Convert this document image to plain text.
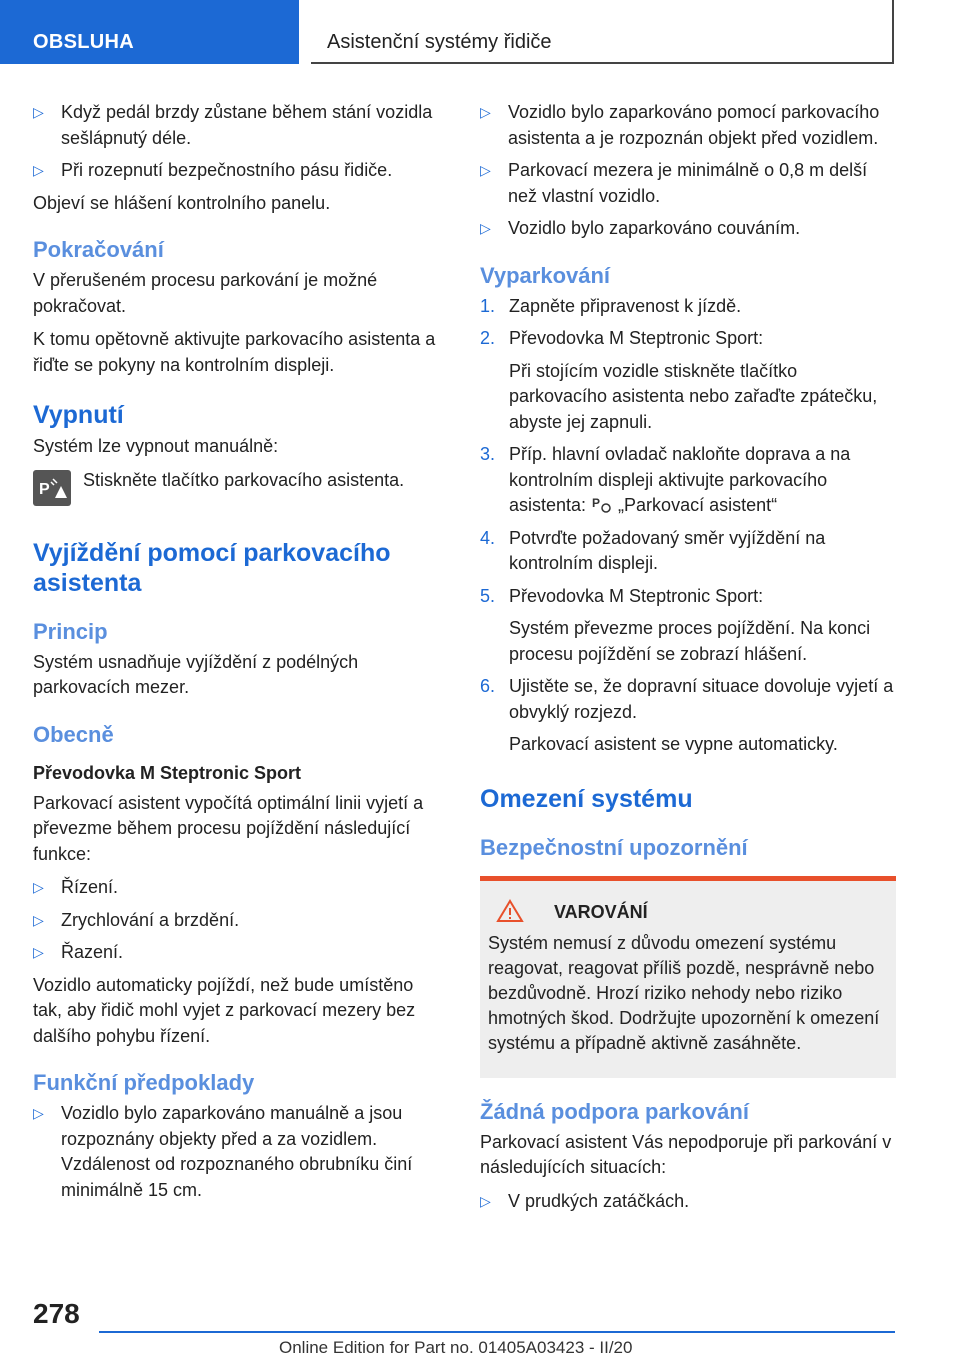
OBSLUHA	Asistenční systémy řidiče
▷ Když pedál brzdy zůstane během stání vozidla sešlápnutý déle.
▷ Při rozepnutí bezpečnostního pásu řidiče.

Objeví se hlášení kontrolního panelu.

Pokračování

V přerušeném procesu parkování je možné pokračovat.

K tomu opětovně aktivujte parkovacího asistenta a řiďte se pokyny na kontrolním displeji.

Vypnutí

Systém lze vypnout manuálně:

P Stiskněte tlačítko parkovacího asistenta.
Vyjíždění pomocí parkovacího asistenta
Princip

Systém usnadňuje vyjíždění z podélných parkovacích mezer.

Obecně
Převodovka M Steptronic Sport

Parkovací asistent vypočítá optimální linii vyjetí a převezme během procesu pojíždění následující funkce:

▷ Řízení.
▷ Zrychlování a brzdění.
▷ Řazení.

Vozidlo automaticky pojíždí, než bude umístěno tak, aby řidič mohl vyjet z parkovací mezery bez dalšího pohybu řízení.

Funkční předpoklady
▷ Vozidlo bylo zaparkováno manuálně a jsou rozpoznány objekty před a za vozidlem. Vzdálenost od rozpoznaného obrubníku činí minimálně 15 cm.
▷ Vozidlo bylo zaparkováno pomocí parkovacího asistenta a je rozpoznán objekt před vozidlem.
▷ Parkovací mezera je minimálně o 0,8 m delší než vlastní vozidlo.
▷ Vozidlo bylo zaparkováno couváním.
Vyparkování
1. Zapněte připravenost k jízdě.
2. Převodovka M Steptronic Sport:
Při stojícím vozidle stiskněte tlačítko parkovacího asistenta nebo zařaďte zpátečku, abyste jej zapnuli.
3. Příp. hlavní ovladač nakloňte doprava a na kontrolním displeji aktivujte parkovacího asistenta: P „Parkovací asistent“
4. Potvrďte požadovaný směr vyjíždění na kontrolním displeji.
5. Převodovka M Steptronic Sport:
Systém převezme proces pojíždění. Na konci procesu pojíždění se zobrazí hlášení.
6. Ujistěte se, že dopravní situace dovoluje vyjetí a obvyklý rozjezd.
Parkovací asistent se vypne automaticky.
Omezení systému
Bezpečnostní upozornění
VAROVÁNÍ
Systém nemusí z důvodu omezení systému reagovat, reagovat příliš pozdě, nesprávně nebo bezdůvodně. Hrozí riziko nehody nebo riziko hmotných škod. Dodržujte upozornění k omezení systému a případně aktivně zasáhněte.
Žádná podpora parkování

Parkovací asistent Vás nepodporuje při parkování v následujících situacích:

▷ V prudkých zatáčkách.
278
Online Edition for Part no. 01405A03423 - II/20
